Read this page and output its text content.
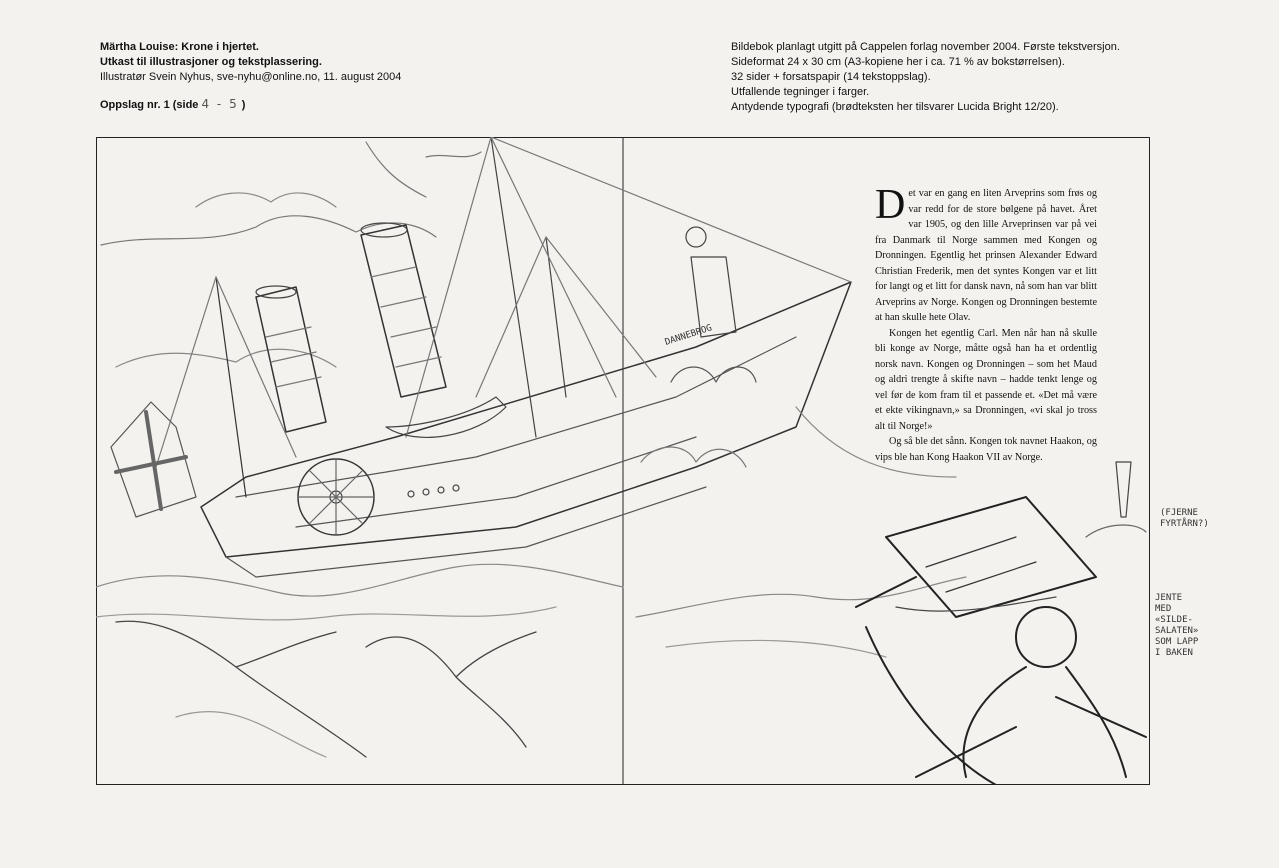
Märtha Louise: Krone i hjertet.
Utkast til illustrasjoner og tekstplassering.
Illustratør Svein Nyhus, sve-nyhu@online.no, 11. august 2004
Oppslag nr. 1 (side 4 - 5 )
Bildebok planlagt utgitt på Cappelen forlag november 2004. Første tekstversjon.
Sideformat 24 x 30 cm (A3-kopiene her i ca. 71 % av bokstørrelsen).
32 sider + forsatspapir (14 tekstoppslag).
Utfallende tegninger i farger.
Antydende typografi (brødteksten her tilsvarer Lucida Bright 12/20).
DANNEBROG

Det var en gang en liten Arveprins som frøs og var redd for de store bølgene på havet. Året var 1905, og den lille Arveprinsen var på vei fra Danmark til Norge sammen med Kongen og Dronningen. Egentlig het prinsen Alexander Edward Christian Frederik, men det syntes Kongen var et litt for langt og et litt for dansk navn, nå som han var blitt Arveprins av Norge. Kongen og Dronningen bestemte at han skulle hete Olav.

Kongen het egentlig Carl. Men når han nå skulle bli konge av Norge, måtte også han ha et ordentlig norsk navn. Kongen og Dronningen – som het Maud og aldri trengte å skifte navn – hadde tenkt lenge og vel før de kom fram til et passende et. «Det må være et ekte vikingnavn,» sa Dronningen, «vi skal jo tross alt til Norge!»

Og så ble det sånn. Kongen tok navnet Haakon, og vips ble han Kong Haakon VII av Norge.

(FJERNE
FYRTÅRN?)
JENTE
MED
«SILDE-
SALATEN»
SOM LAPP
I BAKEN
